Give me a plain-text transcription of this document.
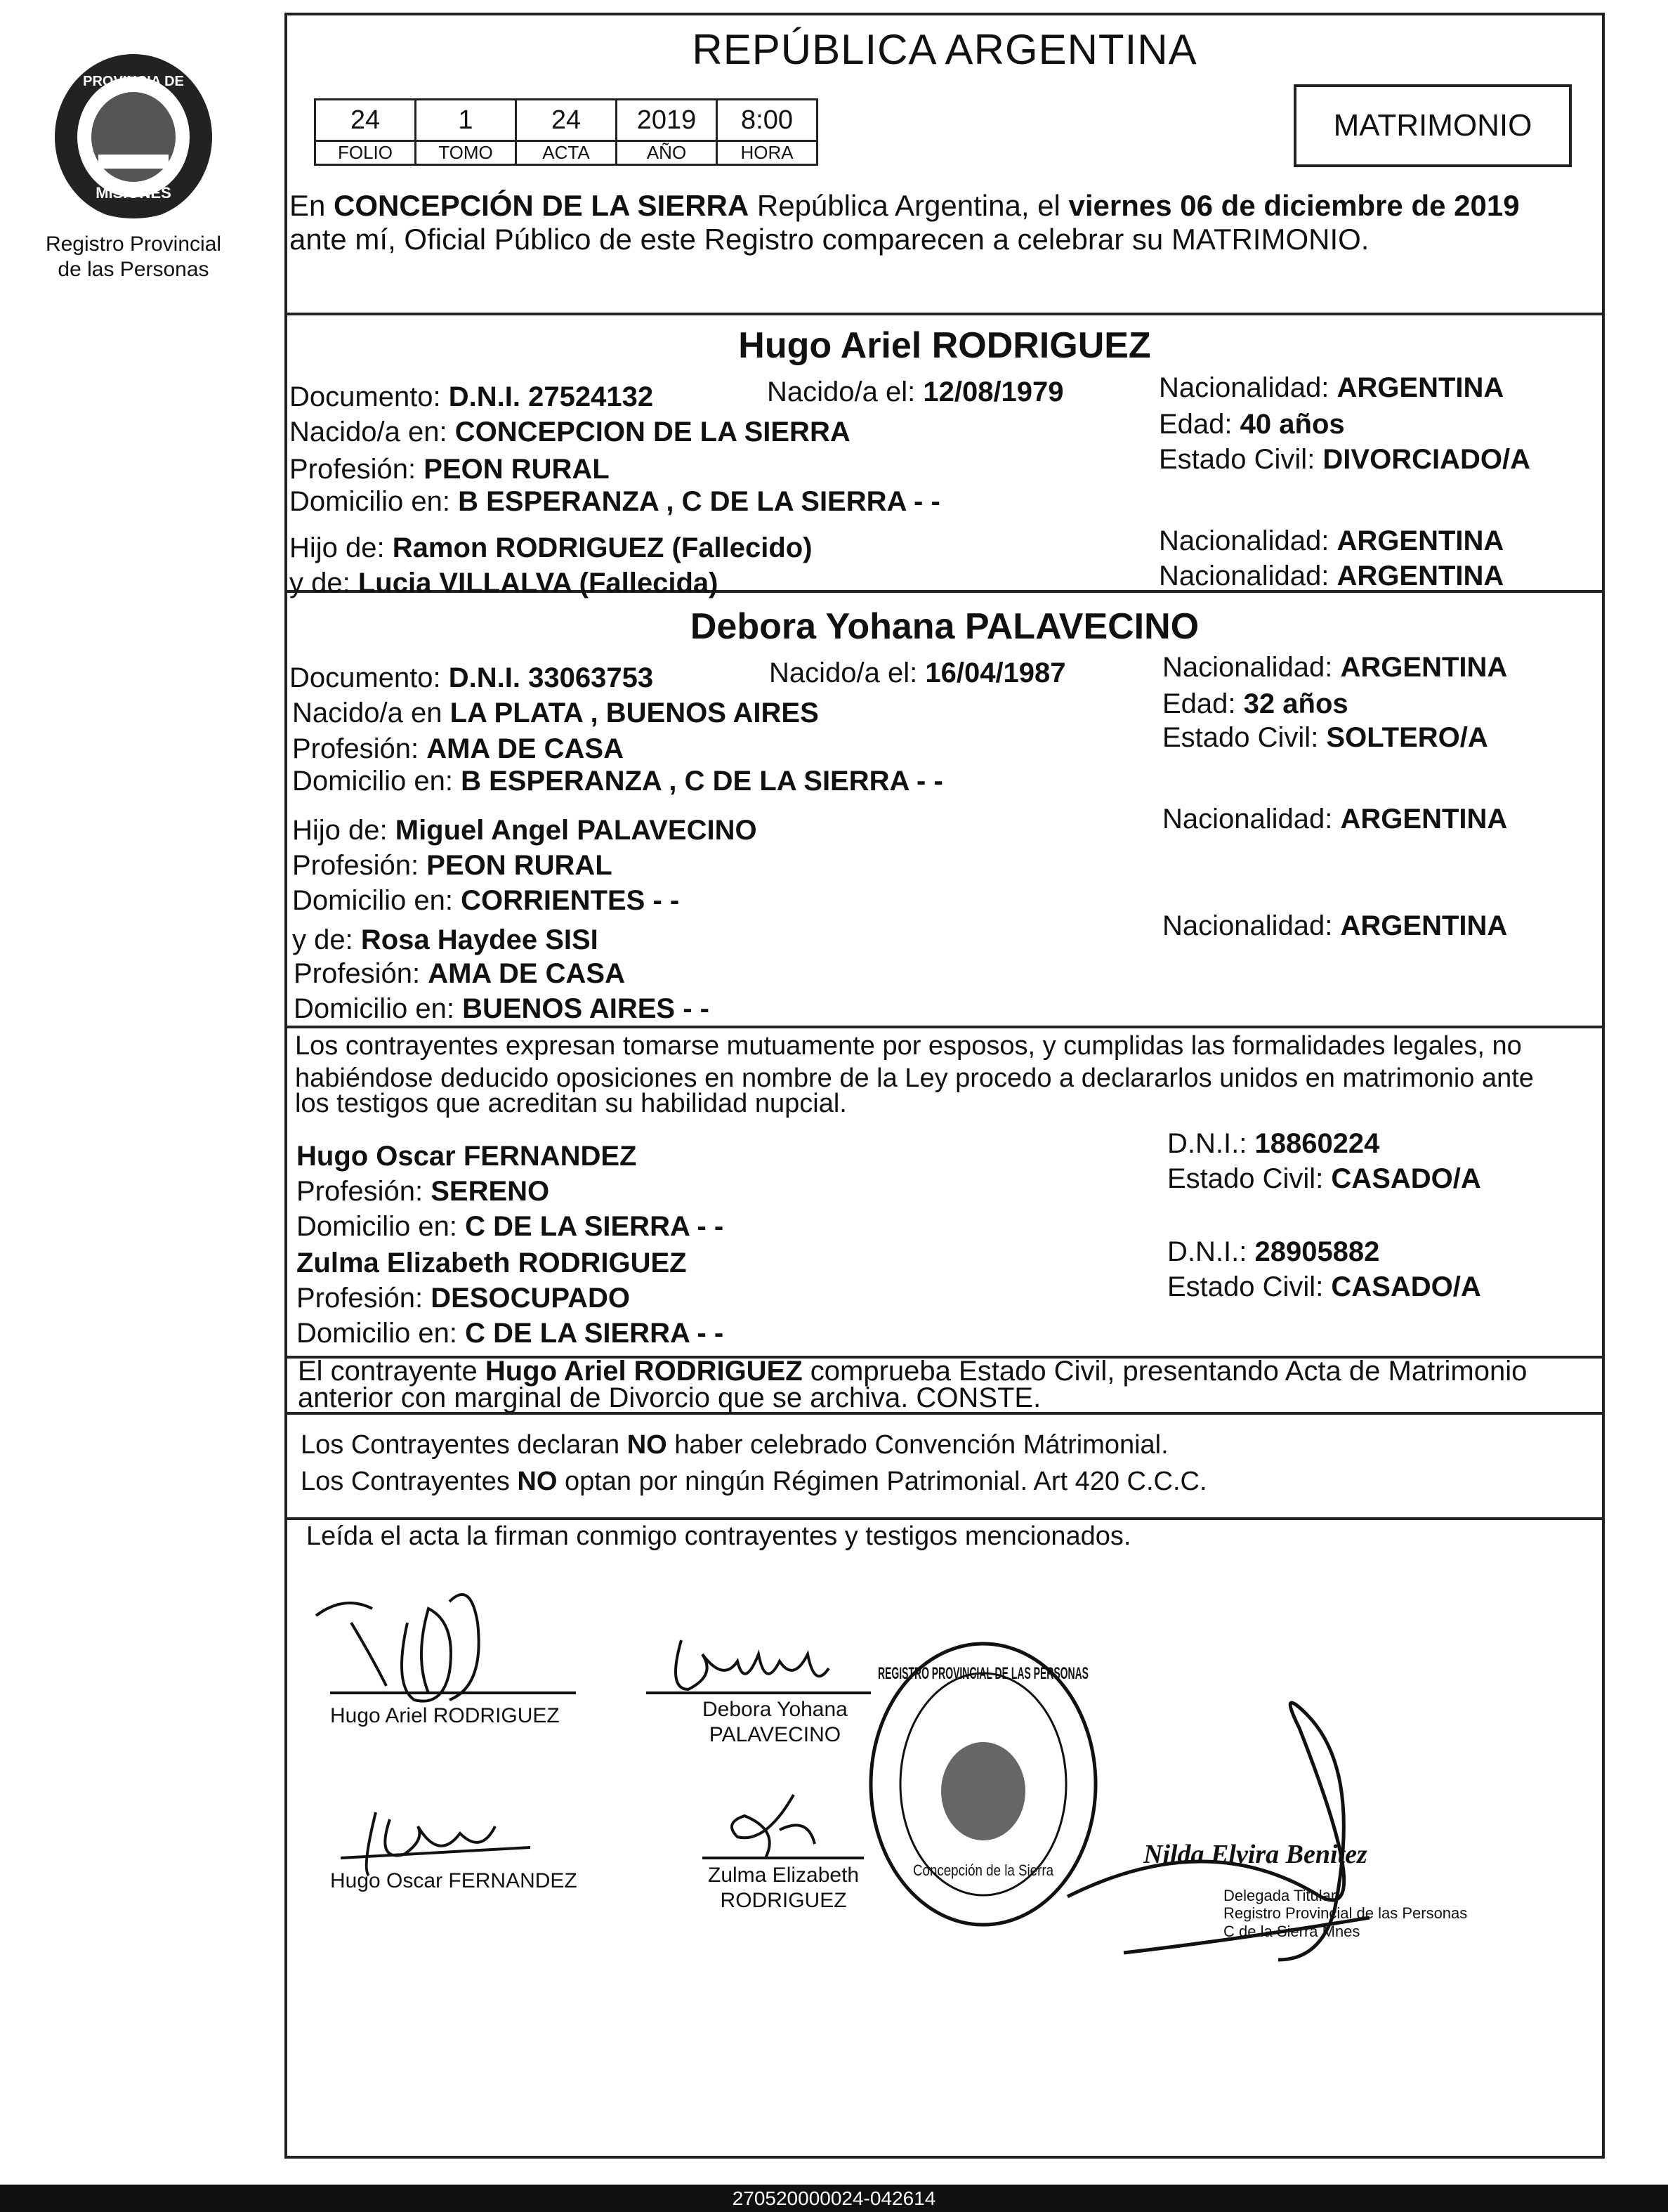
PROVINCIA DE
MISIONES
Registro Provincial
de las Personas
REPÚBLICA ARGENTINA
24	1	24	2019	8:00
FOLIO	TOMO	ACTA	AÑO	HORA
MATRIMONIO
En CONCEPCIÓN DE LA SIERRA República Argentina, el viernes 06 de diciembre de 2019
ante mí, Oficial Público de este Registro comparecen a celebrar su MATRIMONIO.
Hugo Ariel RODRIGUEZ
Documento: D.N.I. 27524132	Nacido/a el: 12/08/1979	Nacionalidad: ARGENTINA
Nacido/a en: CONCEPCION DE LA SIERRA	Edad: 40 años
Profesión: PEON RURAL	Estado Civil: DIVORCIADO/A
Domicilio en: B ESPERANZA , C DE LA SIERRA - -
Hijo de: Ramon RODRIGUEZ (Fallecido)	Nacionalidad: ARGENTINA
y de: Lucia VILLALVA (Fallecida)	Nacionalidad: ARGENTINA
Debora Yohana PALAVECINO
Documento: D.N.I. 33063753	Nacido/a el: 16/04/1987	Nacionalidad: ARGENTINA
Nacido/a en LA PLATA , BUENOS AIRES	Edad: 32 años
Profesión: AMA DE CASA	Estado Civil: SOLTERO/A
Domicilio en: B ESPERANZA , C DE LA SIERRA - -
Hijo de: Miguel Angel PALAVECINO	Nacionalidad: ARGENTINA
Profesión: PEON RURAL
Domicilio en: CORRIENTES - -
y de: Rosa Haydee SISI	Nacionalidad: ARGENTINA
Profesión: AMA DE CASA
Domicilio en: BUENOS AIRES - -
Los contrayentes expresan tomarse mutuamente por esposos, y cumplidas las formalidades legales, no
habiéndose deducido oposiciones en nombre de la Ley procedo a declararlos unidos en matrimonio ante
los testigos que acreditan su habilidad nupcial.
Hugo Oscar FERNANDEZ	D.N.I.: 18860224
Profesión: SERENO	Estado Civil: CASADO/A
Domicilio en: C DE LA SIERRA - -
Zulma Elizabeth RODRIGUEZ	D.N.I.: 28905882
Profesión: DESOCUPADO	Estado Civil: CASADO/A
Domicilio en: C DE LA SIERRA - -
El contrayente Hugo Ariel RODRIGUEZ comprueba Estado Civil, presentando Acta de Matrimonio
anterior con marginal de Divorcio que se archiva. CONSTE.
Los Contrayentes declaran NO haber celebrado Convención Mátrimonial.
Los Contrayentes NO optan por ningún Régimen Patrimonial. Art 420 C.C.C.
Leída el acta la firman conmigo contrayentes y testigos mencionados.
Hugo Ariel RODRIGUEZ	Debora Yohana
PALAVECINO
Hugo Oscar FERNANDEZ	Zulma Elizabeth
RODRIGUEZ
REGISTRO PROVINCIAL DE LAS PERSONAS
Concepción de la Sierra
Nilda Elvira Benitez
Delegada Titular
Registro Provincial de las Personas
C de la Sierra Mnes
270520000024-042614
